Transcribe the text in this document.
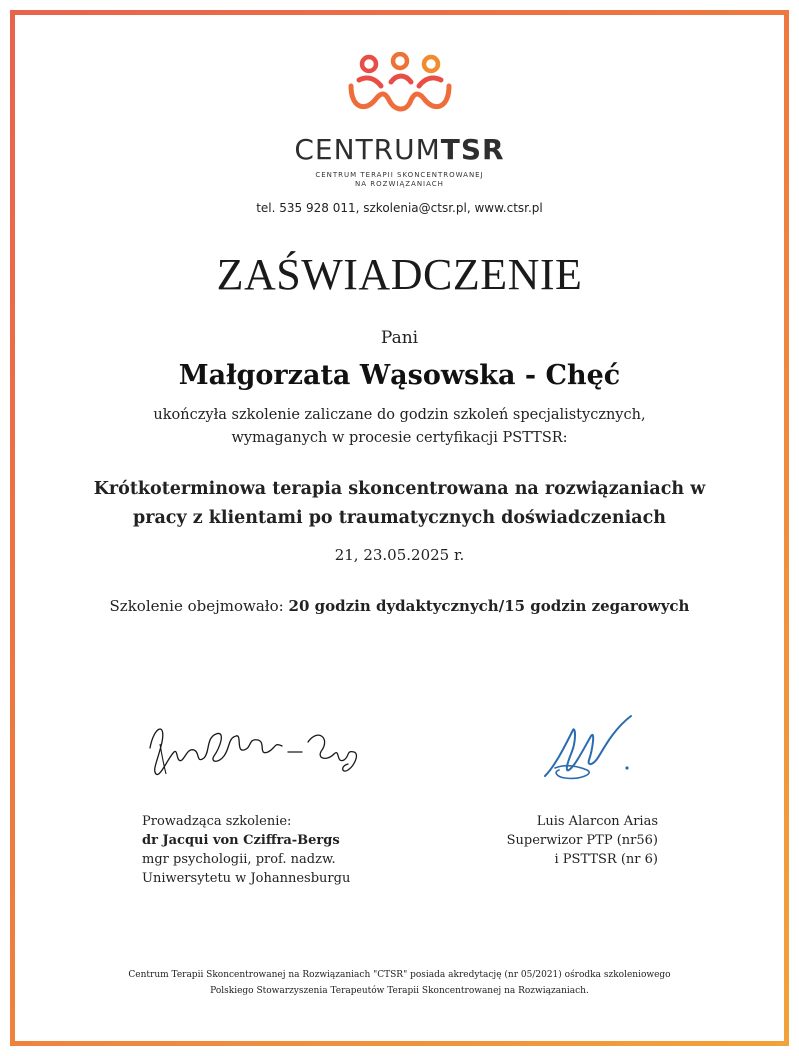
CENTRUMTSR
CENTRUM TERAPII SKONCENTROWANEJ
NA ROZWIĄZANIACH
tel. 535 928 011, szkolenia@ctsr.pl, www.ctsr.pl
ZAŚWIADCZENIE
Pani
Małgorzata Wąsowska - Chęć
ukończyła szkolenie zaliczane do godzin szkoleń specjalistycznych,
wymaganych w procesie certyfikacji PSTTSR:
Krótkoterminowa terapia skoncentrowana na rozwiązaniach w
pracy z klientami po traumatycznych doświadczeniach
21, 23.05.2025 r.
Szkolenie obejmowało: 20 godzin dydaktycznych/15 godzin zegarowych
Prowadząca szkolenie:
dr Jacqui von Cziffra-Bergs
mgr psychologii, prof. nadzw.
Uniwersytetu w Johannesburgu
Luis Alarcon Arias
Superwizor PTP (nr56)
i PSTTSR (nr 6)
Centrum Terapii Skoncentrowanej na Rozwiązaniach "CTSR" posiada akredytację (nr 05/2021) ośrodka szkoleniowego
Polskiego Stowarzyszenia Terapeutów Terapii Skoncentrowanej na Rozwiązaniach.
